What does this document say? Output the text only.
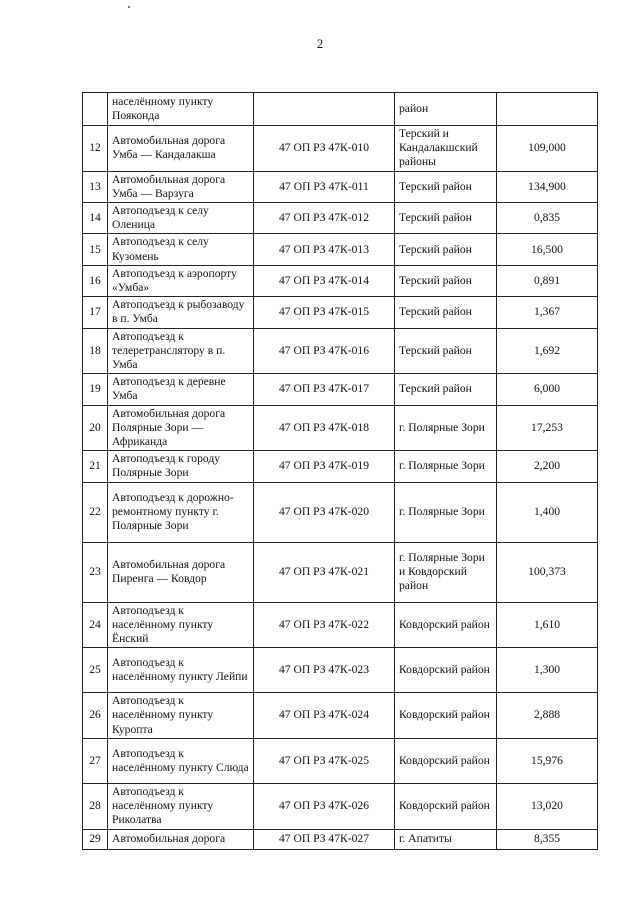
2
	населённому пункту Пояконда		район	
12	Автомобильная дорога Умба — Кандалакша	47 ОП РЗ 47К-010	Терский и Кандалакшский районы	109,000
13	Автомобильная дорога Умба — Варзуга	47 ОП РЗ 47К-011	Терский район	134,900
14	Автоподъезд к селу Оленица	47 ОП РЗ 47К-012	Терский район	0,835
15	Автоподъезд к селу Кузомень	47 ОП РЗ 47К-013	Терский район	16,500
16	Автоподъезд к аэропорту «Умба»	47 ОП РЗ 47К-014	Терский район	0,891
17	Автоподъезд к рыбозаводу в п. Умба	47 ОП РЗ 47К-015	Терский район	1,367
18	Автоподъезд к телеретранслятору в п. Умба	47 ОП РЗ 47К-016	Терский район	1,692
19	Автоподъезд к деревне Умба	47 ОП РЗ 47К-017	Терский район	6,000
20	Автомобильная дорога Полярные Зори — Африканда	47 ОП РЗ 47К-018	г. Полярные Зори	17,253
21	Автоподъезд к городу Полярные Зори	47 ОП РЗ 47К-019	г. Полярные Зори	2,200
22	Автоподъезд к дорожно-ремонтному пункту г. Полярные Зори	47 ОП РЗ 47К-020	г. Полярные Зори	1,400
23	Автомобильная дорога Пиренга — Ковдор	47 ОП РЗ 47К-021	г. Полярные Зори и Ковдорский район	100,373
24	Автоподъезд к населённому пункту Ёнский	47 ОП РЗ 47К-022	Ковдорский район	1,610
25	Автоподъезд к населённому пункту Лейпи	47 ОП РЗ 47К-023	Ковдорский район	1,300
26	Автоподъезд к населённому пункту Куропта	47 ОП РЗ 47К-024	Ковдорский район	2,888
27	Автоподъезд к населённому пункту Слюда	47 ОП РЗ 47К-025	Ковдорский район	15,976
28	Автоподъезд к населённому пункту Риколатва	47 ОП РЗ 47К-026	Ковдорский район	13,020
29	Автомобильная дорога	47 ОП РЗ 47К-027	г. Апатиты	8,355
